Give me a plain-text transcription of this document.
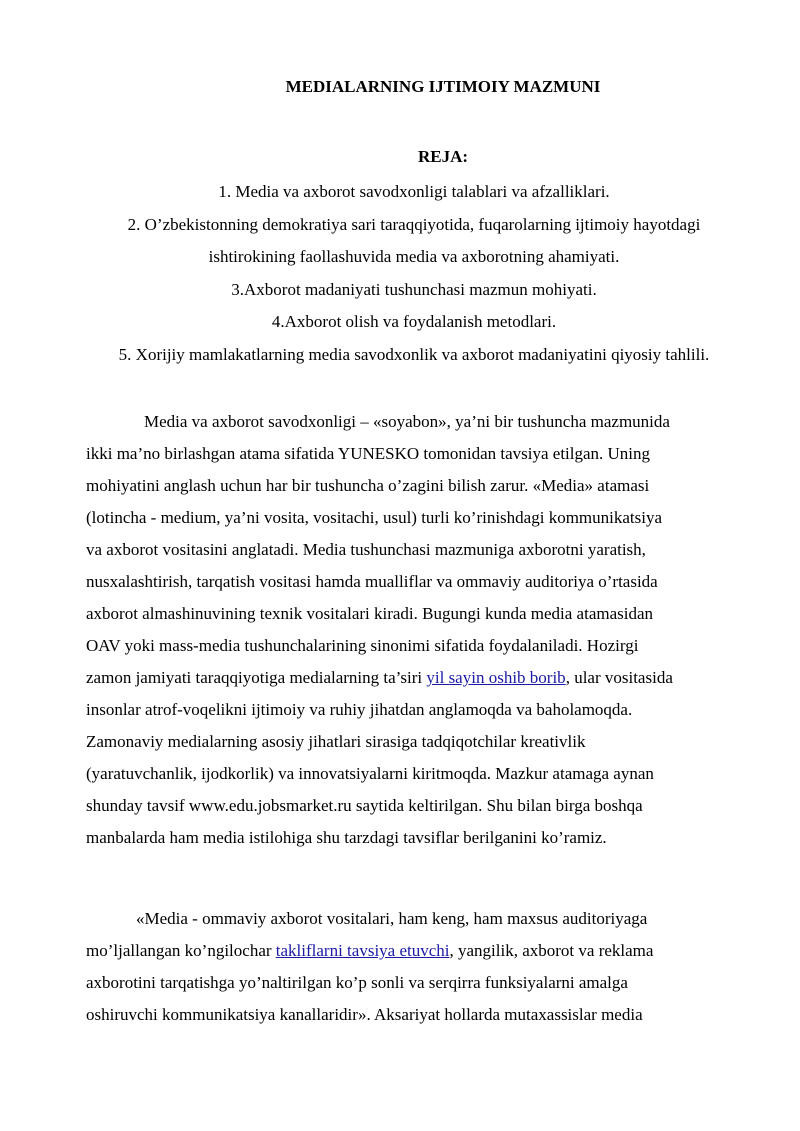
MEDIALARNING IJTIMOIY MAZMUNI
REJA:
1. Media va axborot savodxonligi talablari va afzalliklari.
2. O’zbekistonning demokratiya sari taraqqiyotida, fuqarolarning ijtimoiy hayotdagi
ishtirokining faollashuvida media va axborotning ahamiyati.
3.Axborot madaniyati tushunchasi mazmun mohiyati.
4.Axborot olish va foydalanish metodlari.
5. Xorijiy mamlakatlarning media savodxonlik va axborot madaniyatini qiyosiy tahlili.
Media va axborot savodxonligi – «soyabon», ya’ni bir tushuncha mazmunida
ikki ma’no birlashgan atama sifatida YUNESKO tomonidan tavsiya etilgan. Uning
mohiyatini anglash uchun har bir tushuncha o’zagini bilish zarur. «Media» atamasi
(lotincha - medium, ya’ni vosita, vositachi, usul) turli ko’rinishdagi kommunikatsiya
va axborot vositasini anglatadi. Media tushunchasi mazmuniga axborotni yaratish,
nusxalashtirish, tarqatish vositasi hamda mualliflar va ommaviy auditoriya o’rtasida
axborot almashinuvining texnik vositalari kiradi. Bugungi kunda media atamasidan
OAV yoki mass-media tushunchalarining sinonimi sifatida foydalaniladi. Hozirgi
zamon jamiyati taraqqiyotiga medialarning ta’siri yil sayin oshib borib, ular vositasida
insonlar atrof-voqelikni ijtimoiy va ruhiy jihatdan anglamoqda va baholamoqda.
Zamonaviy medialarning asosiy jihatlari sirasiga tadqiqotchilar kreativlik
(yaratuvchanlik, ijodkorlik) va innovatsiyalarni kiritmoqda. Mazkur atamaga aynan
shunday tavsif www.edu.jobsmarket.ru saytida keltirilgan. Shu bilan birga boshqa
manbalarda ham media istilohiga shu tarzdagi tavsiflar berilganini ko’ramiz.
«Media - ommaviy axborot vositalari, ham keng, ham maxsus auditoriyaga
mo’ljallangan ko’ngilochar takliflarni tavsiya etuvchi, yangilik, axborot va reklama
axborotini tarqatishga yo’naltirilgan ko’p sonli va serqirra funksiyalarni amalga
oshiruvchi kommunikatsiya kanallaridir». Aksariyat hollarda mutaxassislar media
